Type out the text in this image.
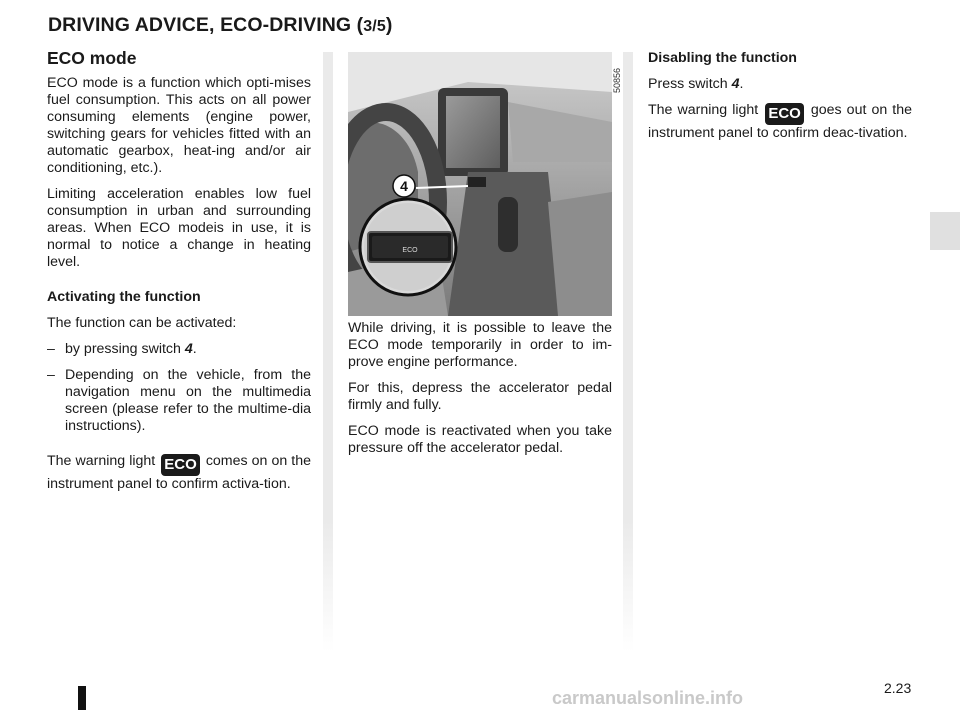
DRIVING ADVICE, ECO-DRIVING (3/5)
ECO mode

ECO mode is a function which opti-mises fuel consumption. This acts on all power consuming elements (engine power, switching gears for vehicles fitted with an automatic gearbox, heat-ing and/or air conditioning, etc.).

Limiting acceleration enables low fuel consumption in urban and surrounding areas. When ECO modeis in use, it is normal to notice a change in heating level.

Activating the function

The function can be activated:

– by pressing switch 4.
– Depending on the vehicle, from the navigation menu on the multimedia screen (please refer to the multime-dia instructions).

The warning light ECO comes on on the instrument panel to confirm activa-tion.

ECO
4
50856

While driving, it is possible to leave the ECO mode temporarily in order to im-prove engine performance.

For this, depress the accelerator pedal firmly and fully.

ECO mode is reactivated when you take pressure off the accelerator pedal.

Disabling the function

Press switch 4.

The warning light ECO goes out on the instrument panel to confirm deac-tivation.

2.23
carmanualsonline.info
